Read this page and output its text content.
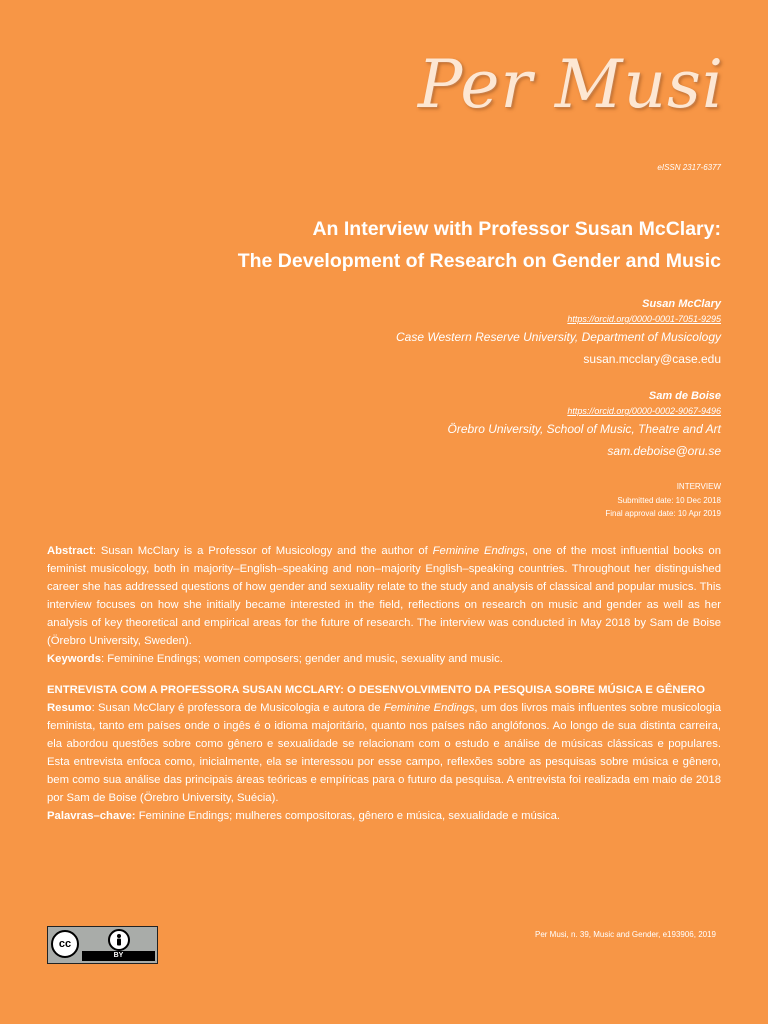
Per Musi
eISSN 2317-6377
An Interview with Professor Susan McClary:
The Development of Research on Gender and Music
Susan McClary
https://orcid.org/0000-0001-7051-9295
Case Western Reserve University, Department of Musicology
susan.mcclary@case.edu
Sam de Boise
https://orcid.org/0000-0002-9067-9496
Örebro University, School of Music, Theatre and Art
sam.deboise@oru.se
INTERVIEW
Submitted date: 10 Dec 2018
Final approval date: 10 Apr 2019

Abstract: Susan McClary is a Professor of Musicology and the author of Feminine Endings, one of the most influential books on feminist musicology, both in majority–English–speaking and non–majority English–speaking countries. Throughout her distinguished career she has addressed questions of how gender and sexuality relate to the study and analysis of classical and popular musics. This interview focuses on how she initially became interested in the field, reflections on research on music and gender as well as her analysis of key theoretical and empirical areas for the future of research. The interview was conducted in May 2018 by Sam de Boise (Örebro University, Sweden).

Keywords: Feminine Endings; women composers; gender and music, sexuality and music.

ENTREVISTA COM A PROFESSORA SUSAN MCCLARY: O DESENVOLVIMENTO DA PESQUISA SOBRE MÚSICA E GÊNERO

Resumo: Susan McClary é professora de Musicologia e autora de Feminine Endings, um dos livros mais influentes sobre musicologia feminista, tanto em países onde o ingês é o idioma majoritário, quanto nos países não anglófonos. Ao longo de sua distinta carreira, ela abordou questões sobre como gênero e sexualidade se relacionam com o estudo e análise de músicas clássicas e populares. Esta entrevista enfoca como, inicialmente, ela se interessou por esse campo, reflexões sobre as pesquisas sobre música e gênero, bem como sua análise das principais áreas teóricas e empíricas para o futuro da pesquisa. A entrevista foi realizada em maio de 2018 por Sam de Boise (Örebro University, Suécia).

Palavras–chave: Feminine Endings; mulheres compositoras, gênero e música, sexualidade e música.

cc
BY
Per Musi, n. 39, Music and Gender, e193906, 2019
